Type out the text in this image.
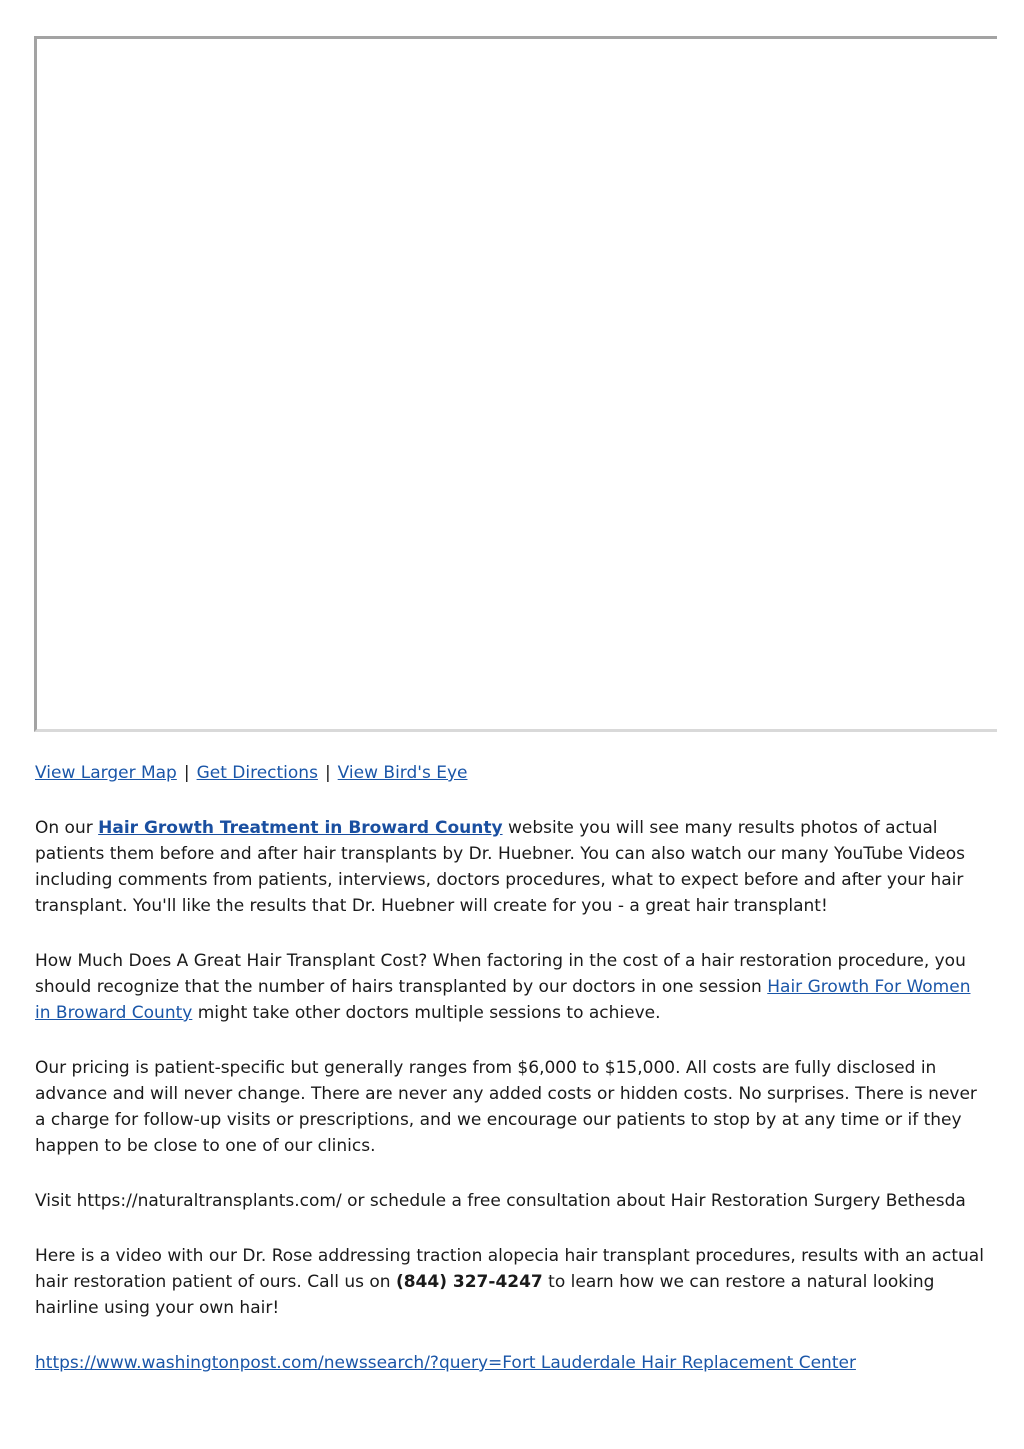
View Larger Map | Get Directions | View Bird's Eye

On our Hair Growth Treatment in Broward County website you will see many results photos of actual patients them before and after hair transplants by Dr. Huebner. You can also watch our many YouTube Videos including comments from patients, interviews, doctors procedures, what to expect before and after your hair transplant. You'll like the results that Dr. Huebner will create for you - a great hair transplant!

How Much Does A Great Hair Transplant Cost? When factoring in the cost of a hair restoration procedure, you should recognize that the number of hairs transplanted by our doctors in one session Hair Growth For Women in Broward County might take other doctors multiple sessions to achieve.

Our pricing is patient-specific but generally ranges from $6,000 to $15,000. All costs are fully disclosed in advance and will never change. There are never any added costs or hidden costs. No surprises. There is never a charge for follow-up visits or prescriptions, and we encourage our patients to stop by at any time or if they happen to be close to one of our clinics.

Visit https://naturaltransplants.com/ or schedule a free consultation about Hair Restoration Surgery Bethesda

Here is a video with our Dr. Rose addressing traction alopecia hair transplant procedures, results with an actual hair restoration patient of ours. Call us on (844) 327-4247 to learn how we can restore a natural looking hairline using your own hair!

https://www.washingtonpost.com/newssearch/?query=Fort Lauderdale Hair Replacement Center
